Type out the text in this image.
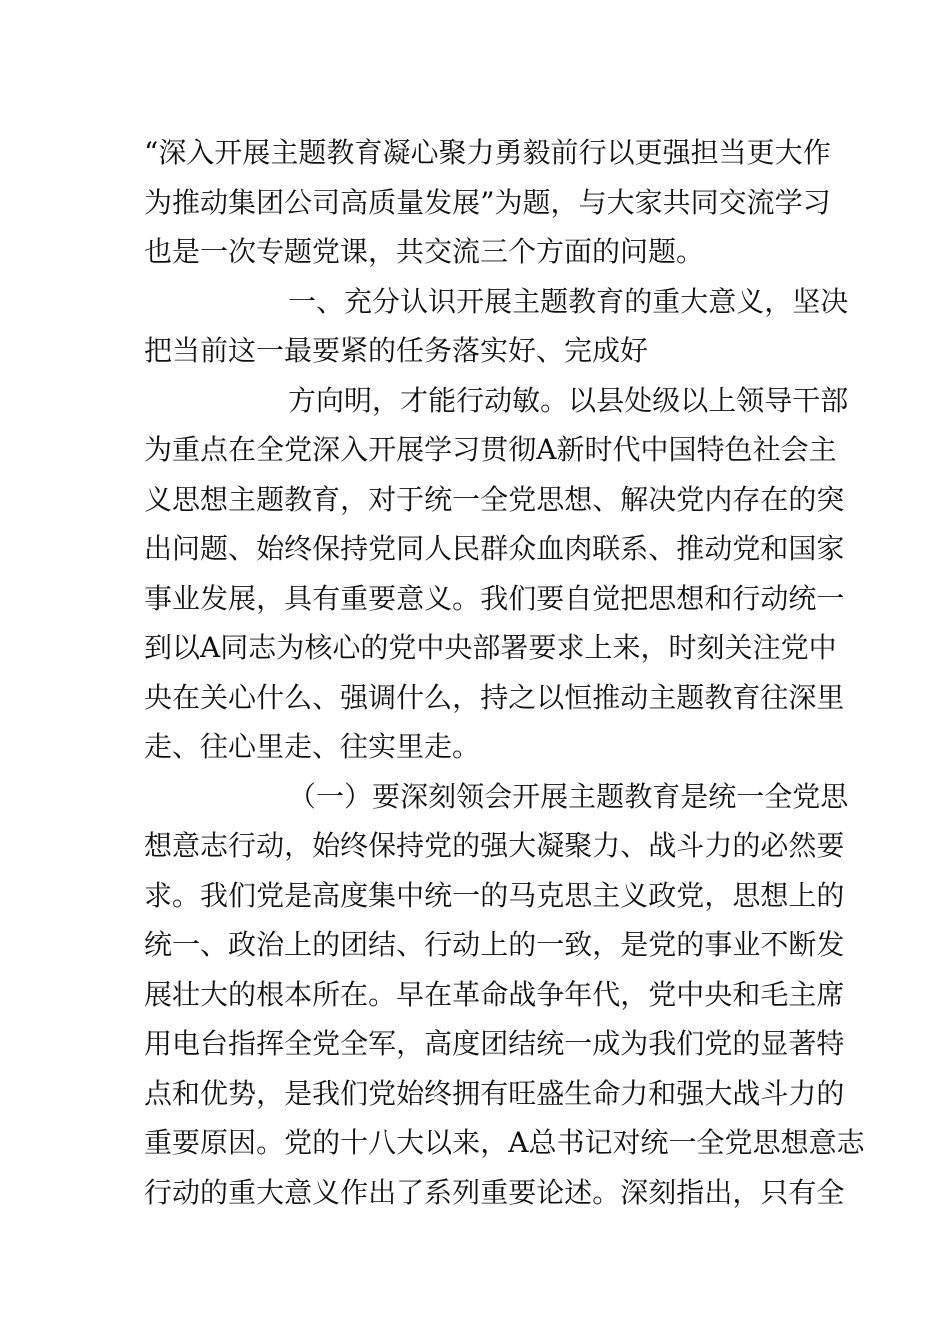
“ 深 入 开 展 主 题 教 育 凝 心 聚 力 勇 毅 前 行 以 更 强 担 当 更 大 作
为 推 动 集 团 公 司 高 质 量 发 展 ” 为 题 ， 与 大 家 共 同 交 流 学 习
也是一次专题党课，共交流三个方面的问题。
一 、 充 分 认 识 开 展 主 题 教 育 的 重 大 意 义 ， 坚 决
把当前这一最要紧的任务落实好、完成好
方 向 明 ， 才 能 行 动 敏 。 以 县 处 级 以 上 领 导 干 部
为 重 点 在 全 党 深 入 开 展 学 习 贯 彻 A 新 时 代 中 国 特 色 社 会 主
义 思 想 主 题 教 育 ， 对 于 统 一 全 党 思 想 、 解 决 党 内 存 在 的 突
出 问 题 、 始 终 保 持 党 同 人 民 群 众 血 肉 联 系 、 推 动 党 和 国 家
事 业 发 展 ， 具 有 重 要 意 义 。 我 们 要 自 觉 把 思 想 和 行 动 统 一
到 以 A 同 志 为 核 心 的 党 中 央 部 署 要 求 上 来 ， 时 刻 关 注 党 中
央 在 关 心 什 么 、 强 调 什 么 ， 持 之 以 恒 推 动 主 题 教 育 往 深 里
走、往心里走、往实里走。
（ 一 ） 要 深 刻 领 会 开 展 主 题 教 育 是 统 一 全 党 思
想 意 志 行 动 ， 始 终 保 持 党 的 强 大 凝 聚 力 、 战 斗 力 的 必 然 要
求 。 我 们 党 是 高 度 集 中 统 一 的 马 克 思 主 义 政 党 ， 思 想 上 的
统 一 、 政 治 上 的 团 结 、 行 动 上 的 一 致 ， 是 党 的 事 业 不 断 发
展 壮 大 的 根 本 所 在 。 早 在 革 命 战 争 年 代 ， 党 中 央 和 毛 主 席
用 电 台 指 挥 全 党 全 军 ， 高 度 团 结 统 一 成 为 我 们 党 的 显 著 特
点 和 优 势 ， 是 我 们 党 始 终 拥 有 旺 盛 生 命 力 和 强 大 战 斗 力 的
重 要 原 因 。 党 的 十 八 大 以 来 ， A 总 书 记 对 统 一 全 党 思 想 意 志
行 动 的 重 大 意 义 作 出 了 系 列 重 要 论 述 。 深 刻 指 出 ， 只 有 全
